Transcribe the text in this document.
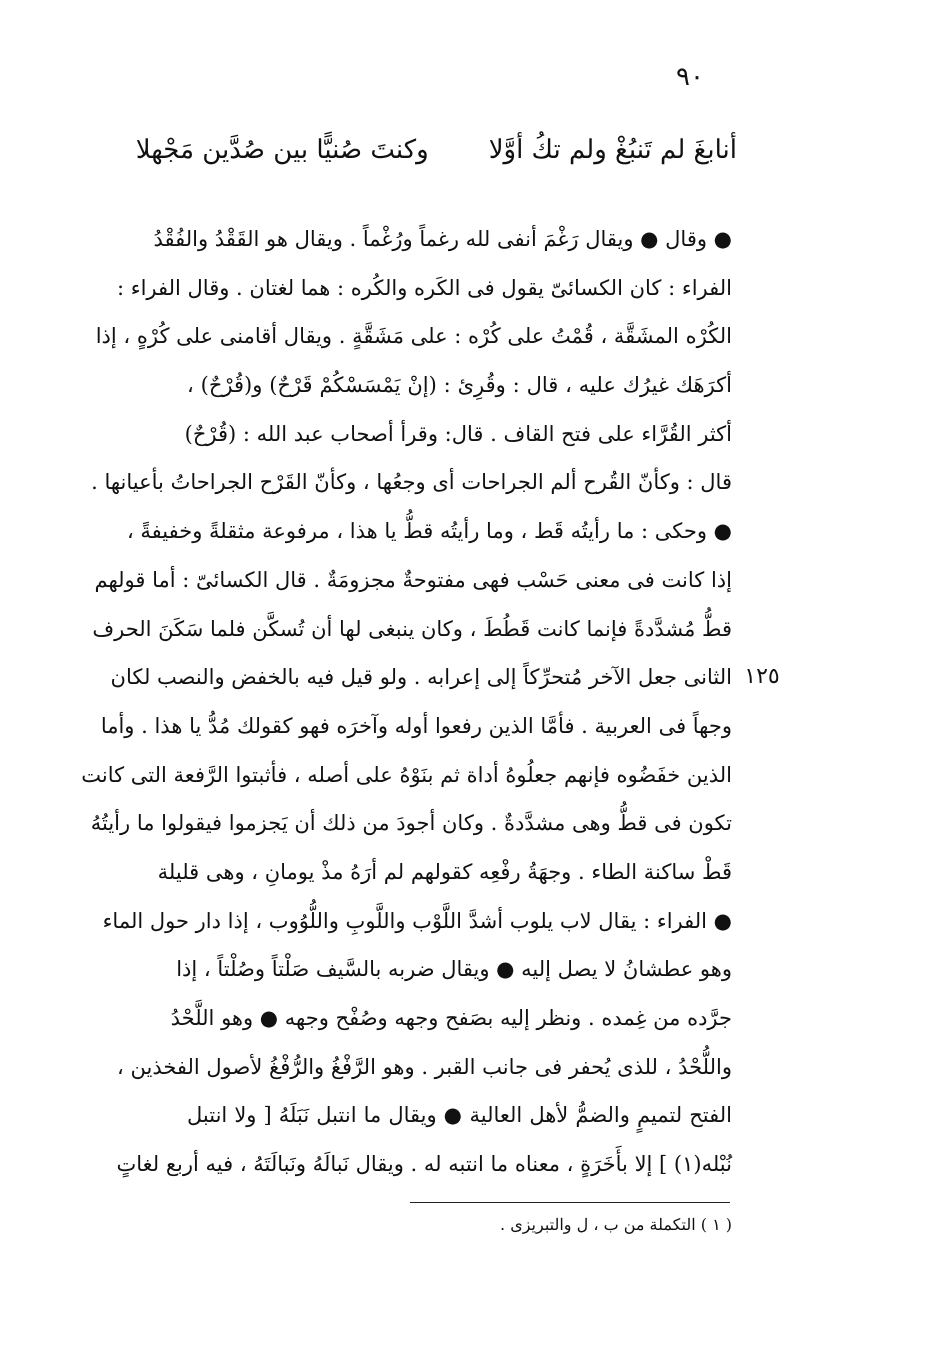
٩٠
أنابغَ لم تَنبُغْ ولم تكُ أوَّلاوكنتَ صُنيًّا بين صُدَّين مَجْهلا
١٢٥
● وقال ● ويقال رَغْمَ أنفى لله رغماً ورُغْماً . ويقال هو القَقْدُ والفُقْدُ
الفراء : كان الكسائىّ يقول فى الكَره والكُره : هما لغتان . وقال الفراء :
الكُرْه المشَقَّة ، قُمْتُ على كُرْه : على مَشَقَّةٍ . ويقال أقامنى على كُرْهٍ ، إذا
أكرَهَك غيرُك عليه ، قال : وقُرِئ : (إنْ يَمْسَسْكُمْ قَرْحٌ) و(قُرْحٌ) ،
أكثر القُرَّاء على فتح القاف . قال: وقرأ أصحاب عبد الله : (قُرْحٌ)
قال : وكأنّ القُرح ألم الجراحات أى وجعُها ، وكأنّ القَرْح الجراحاتُ بأعيانها .
● وحكى : ما رأيتُه قَط ، وما رأيتُه قطُّ يا هذا ، مرفوعة مثقلةً وخفيفةً ،
إذا كانت فى معنى حَسْب فهى مفتوحةٌ مجزومَةٌ . قال الكسائىّ : أما قولهم
قطُّ مُشدَّدةً فإنما كانت قَطُطَ ، وكان ينبغى لها أن تُسكَّن فلما سَكَنَ الحرف
الثانى جعل الآخر مُتحرِّكاً إلى إعرابه . ولو قيل فيه بالخفض والنصب لكان
وجهاً فى العربية . فأمَّا الذين رفعوا أوله وآخرَه فهو كقولك مُدُّ يا هذا . وأما
الذين خفَضُوه فإنهم جعلُوهُ أداة ثم بنَوْهُ على أصله ، فأثبتوا الرَّفعة التى كانت
تكون فى قطُّ وهى مشدَّدةٌ . وكان أجودَ من ذلك أن يَجزموا فيقولوا ما رأيتُهُ
قَطْ ساكنة الطاء . وجهَةُ رفْعِه كقولهم لم أرَهُ مذْ يومانِ ، وهى قليلة
● الفراء : يقال لاب يلوب أشدَّ اللَّوْب واللَّوبِ واللُّوُوب ، إذا دار حول الماء
وهو عطشانُ لا يصل إليه ● ويقال ضربه بالسَّيف صَلْتاً وصُلْتاً ، إذا
جرَّده من غِمده . ونظر إليه بصَفح وجهه وصُفْح وجهه ● وهو اللَّحْدُ
واللُّحْدُ ، للذى يُحفر فى جانب القبر . وهو الرَّفْغُ والرُّفْغُ لأصول الفخذين ،
الفتح لتميمٍ والضمُّ لأهل العالية ● ويقال ما انتبل نَبَلَهُ [ ولا انتبل
نُبْله(١) ] إلا بأَخَرَةٍ ، معناه ما انتبه له . ويقال نَبالَهُ ونَبالَتَهُ ، فيه أربع لغاتٍ
( ١ ) التكملة من ب ، ل والتبريزى .
